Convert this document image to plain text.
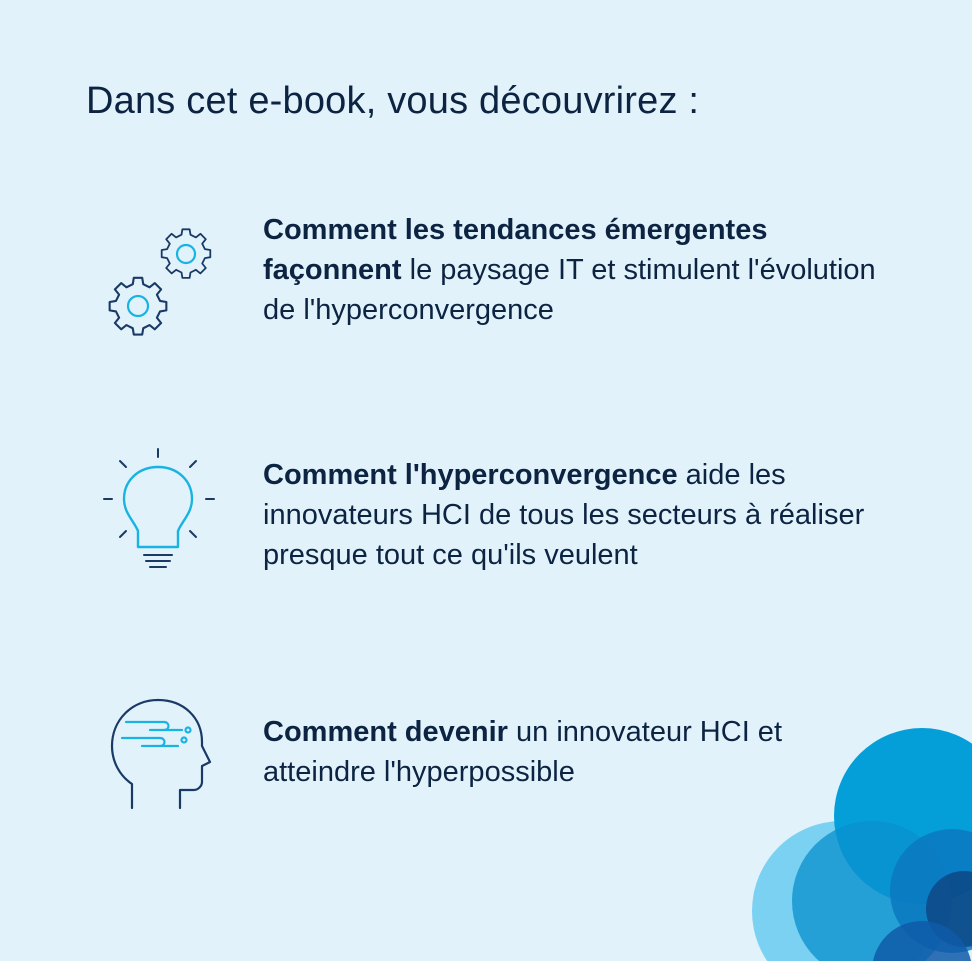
Dans cet e-book, vous découvrirez :
Comment les tendances émergentes façonnent le paysage IT et stimulent l'évolution de l'hyperconvergence
Comment l'hyperconvergence aide les innovateurs HCI de tous les secteurs à réaliser presque tout ce qu'ils veulent
Comment devenir un innovateur HCI et atteindre l'hyperpossible
